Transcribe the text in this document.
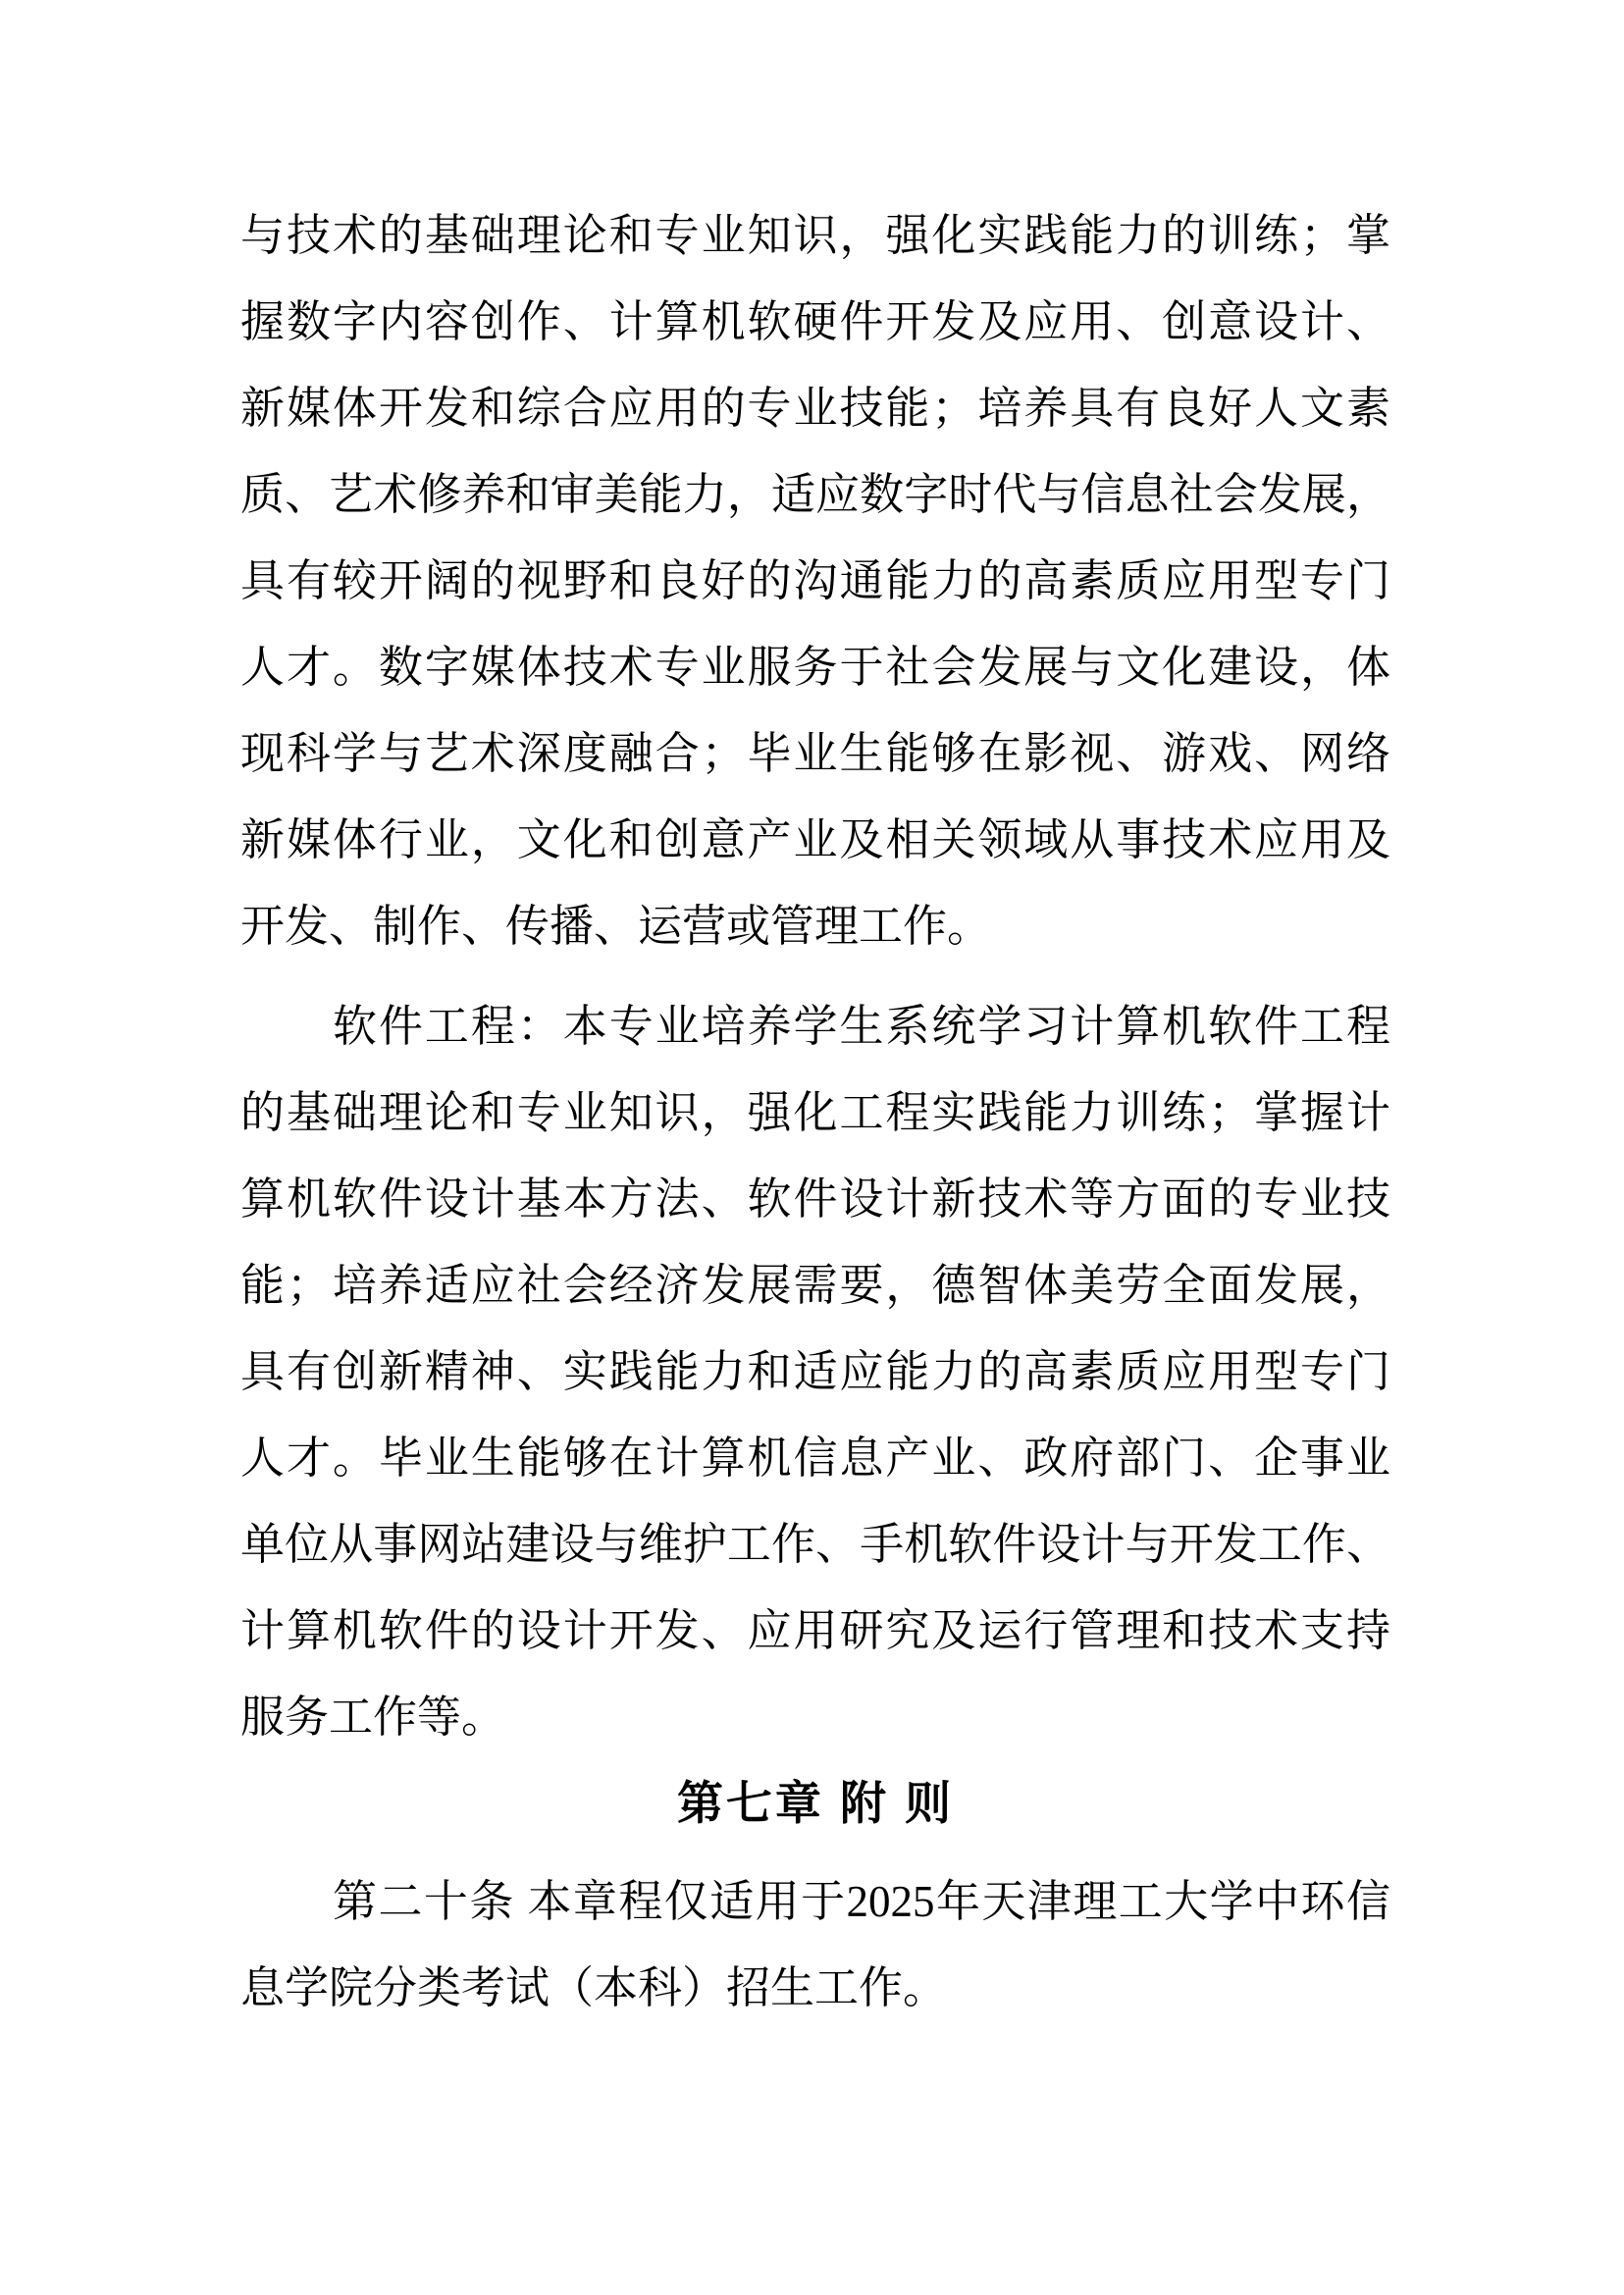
与技术的基础理论和专业知识，强化实践能力的训练；掌
握数字内容创作、计算机软硬件开发及应用、创意设计、
新媒体开发和综合应用的专业技能；培养具有良好人文素
质、艺术修养和审美能力，适应数字时代与信息社会发展，
具有较开阔的视野和良好的沟通能力的高素质应用型专门
人才。数字媒体技术专业服务于社会发展与文化建设，体
现科学与艺术深度融合；毕业生能够在影视、游戏、网络
新媒体行业，文化和创意产业及相关领域从事技术应用及
开发、制作、传播、运营或管理工作。
软件工程：本专业培养学生系统学习计算机软件工程
的基础理论和专业知识，强化工程实践能力训练；掌握计
算机软件设计基本方法、软件设计新技术等方面的专业技
能；培养适应社会经济发展需要，德智体美劳全面发展，
具有创新精神、实践能力和适应能力的高素质应用型专门
人才。毕业生能够在计算机信息产业、政府部门、企事业
单位从事网站建设与维护工作、手机软件设计与开发工作、
计算机软件的设计开发、应用研究及运行管理和技术支持
服务工作等。
第七章 附 则
第二十条 本章程仅适用于2025年天津理工大学中环信
息学院分类考试（本科）招生工作。
